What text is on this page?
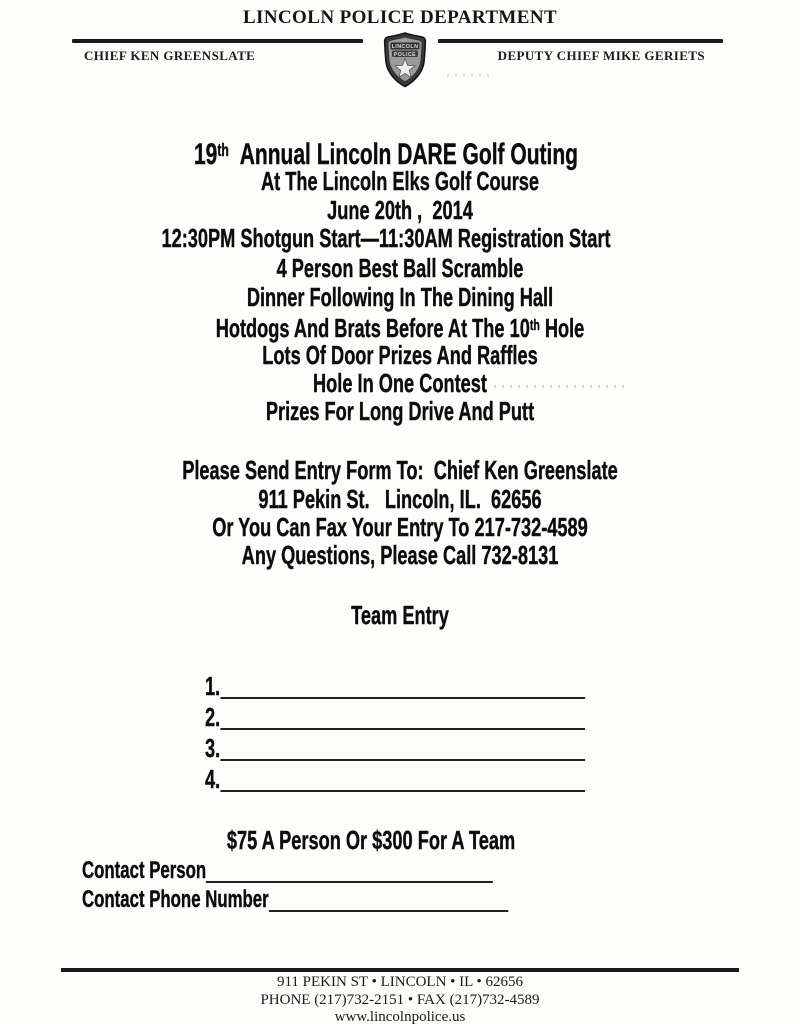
LINCOLN POLICE DEPARTMENT
CHIEF KEN GREENSLATE	DEPUTY CHIEF MIKE GERIETS
LINCOLN
POLICE
19th  Annual Lincoln DARE Golf Outing
At The Lincoln Elks Golf Course
June 20th ,  2014
12:30PM Shotgun Start—11:30AM Registration Start
4 Person Best Ball Scramble
Dinner Following In The Dining Hall
Hotdogs And Brats Before At The 10th Hole
Lots Of Door Prizes And Raffles
Hole In One Contest
Prizes For Long Drive And Putt
Please Send Entry Form To:  Chief Ken Greenslate
911 Pekin St.   Lincoln, IL.  62656
Or You Can Fax Your Entry To 217-732-4589
Any Questions, Please Call 732-8131
Team Entry
1.
2.
3.
4.
$75 A Person Or $300 For A Team
Contact Person
Contact Phone Number
911 PEKIN ST • LINCOLN • IL • 62656
PHONE (217)732-2151 • FAX (217)732-4589
www.lincolnpolice.us
